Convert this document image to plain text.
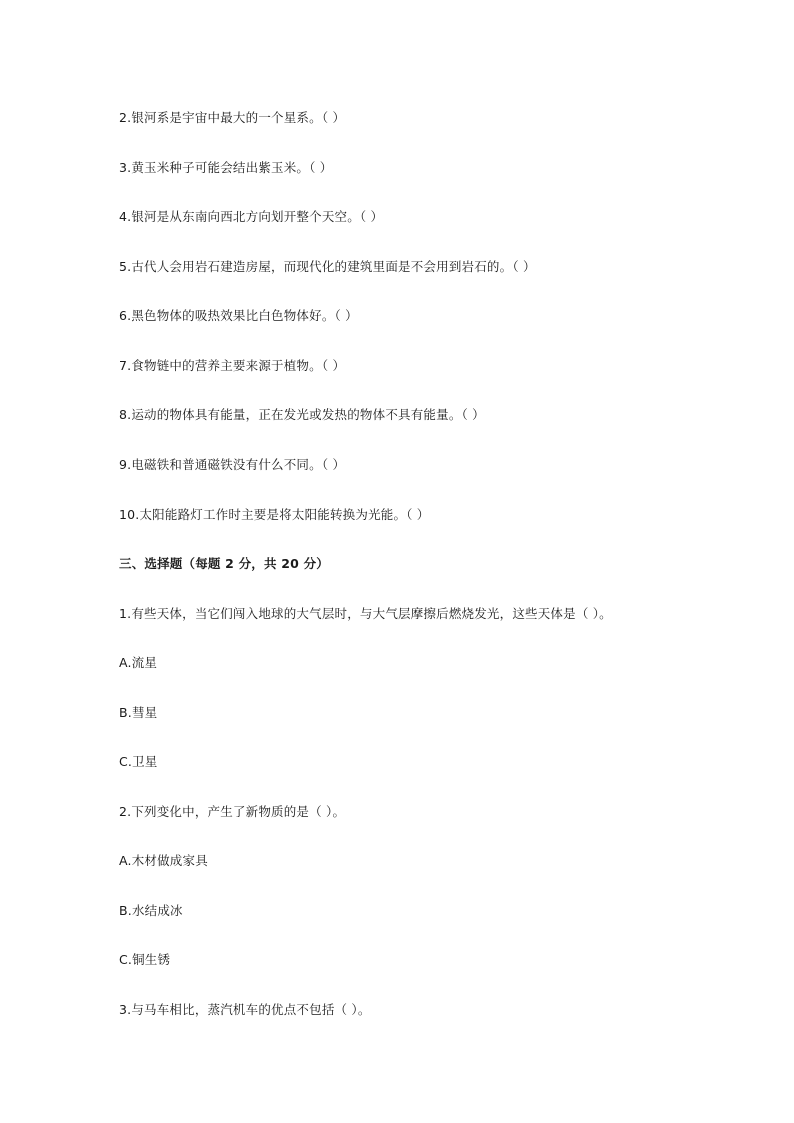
2.银河系是宇宙中最大的一个星系。（ ）
3.黄玉米种子可能会结出紫玉米。（ ）
4.银河是从东南向西北方向划开整个天空。（ ）
5.古代人会用岩石建造房屋，而现代化的建筑里面是不会用到岩石的。（ ）
6.黑色物体的吸热效果比白色物体好。（ ）
7.食物链中的营养主要来源于植物。（ ）
8.运动的物体具有能量，正在发光或发热的物体不具有能量。（ ）
9.电磁铁和普通磁铁没有什么不同。（ ）
10.太阳能路灯工作时主要是将太阳能转换为光能。（ ）
三、选择题（每题 2 分，共 20 分）
1.有些天体，当它们闯入地球的大气层时，与大气层摩擦后燃烧发光，这些天体是（ ）。
A.流星
B.彗星
C.卫星
2.下列变化中，产生了新物质的是（ ）。
A.木材做成家具
B.水结成冰
C.铜生锈
3.与马车相比，蒸汽机车的优点不包括（ ）。
